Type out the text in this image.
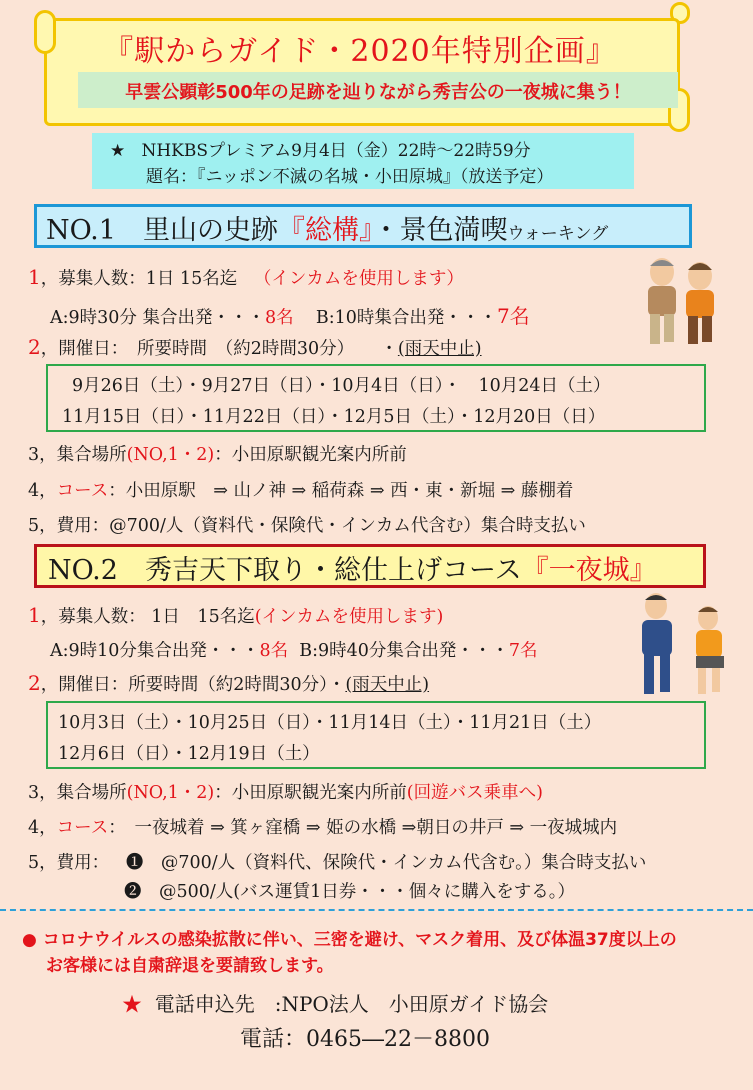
『駅からガイド・2020年特別企画』
早雲公顕彰500年の足跡を辿りながら秀吉公の一夜城に集う！
★ NHKBSプレミアム9月4日（金）22時～22時59分
題名：『ニッポン不滅の名城・小田原城』（放送予定）
NO.1　里山の史跡『総構』・景色満喫ウォーキング
1，募集人数：1日 15名迄 （インカムを使用します）
A:9時30分 集合出発・・・8名 B:10時集合出発・・・7名
2，開催日：　所要時間　（約2時間30分）　　・(雨天中止)
9月26日（土）・9月27日（日）・10月4日（日）・　10月24日（土）
11月15日（日）・11月22日（日）・12月5日（土）・12月20日（日）
3，集合場所(NO,1・2)：小田原駅観光案内所前
4，コース：小田原駅　⇒ 山ノ神 ⇒ 稲荷森 ⇒ 西・東・新堀 ⇒ 藤棚着
5，費用：@700/人（資料代・保険代・インカム代含む）集合時支払い
NO.2　秀吉天下取り・総仕上げコース『一夜城』
1，募集人数： 1日　15名迄(インカムを使用します)
A:9時10分集合出発・・・8名 B:9時40分集合出発・・・7名
2，開催日：所要時間（約2時間30分）・(雨天中止)
10月3日（土）・10月25日（日）・11月14日（土）・11月21日（土）
12月6日（日）・12月19日（土）
3，集合場所(NO,1・2)：小田原駅観光案内所前(回遊バス乗車へ)
4，コース：　一夜城着 ⇒ 箕ヶ窪橋 ⇒ 姫の水橋 ⇒朝日の井戸 ⇒ 一夜城城内
5，費用： ❶　@700/人（資料代、保険代・インカム代含む。）集合時支払い
❷　@500/人(バス運賃1日券・・・個々に購入をする。）
● コロナウイルスの感染拡散に伴い、三密を避け、マスク着用、及び体温37度以上の
お客様には自粛辞退を要請致します。
★ 電話申込先　:NPO法人　小田原ガイド協会
電話：0465―22－8800
